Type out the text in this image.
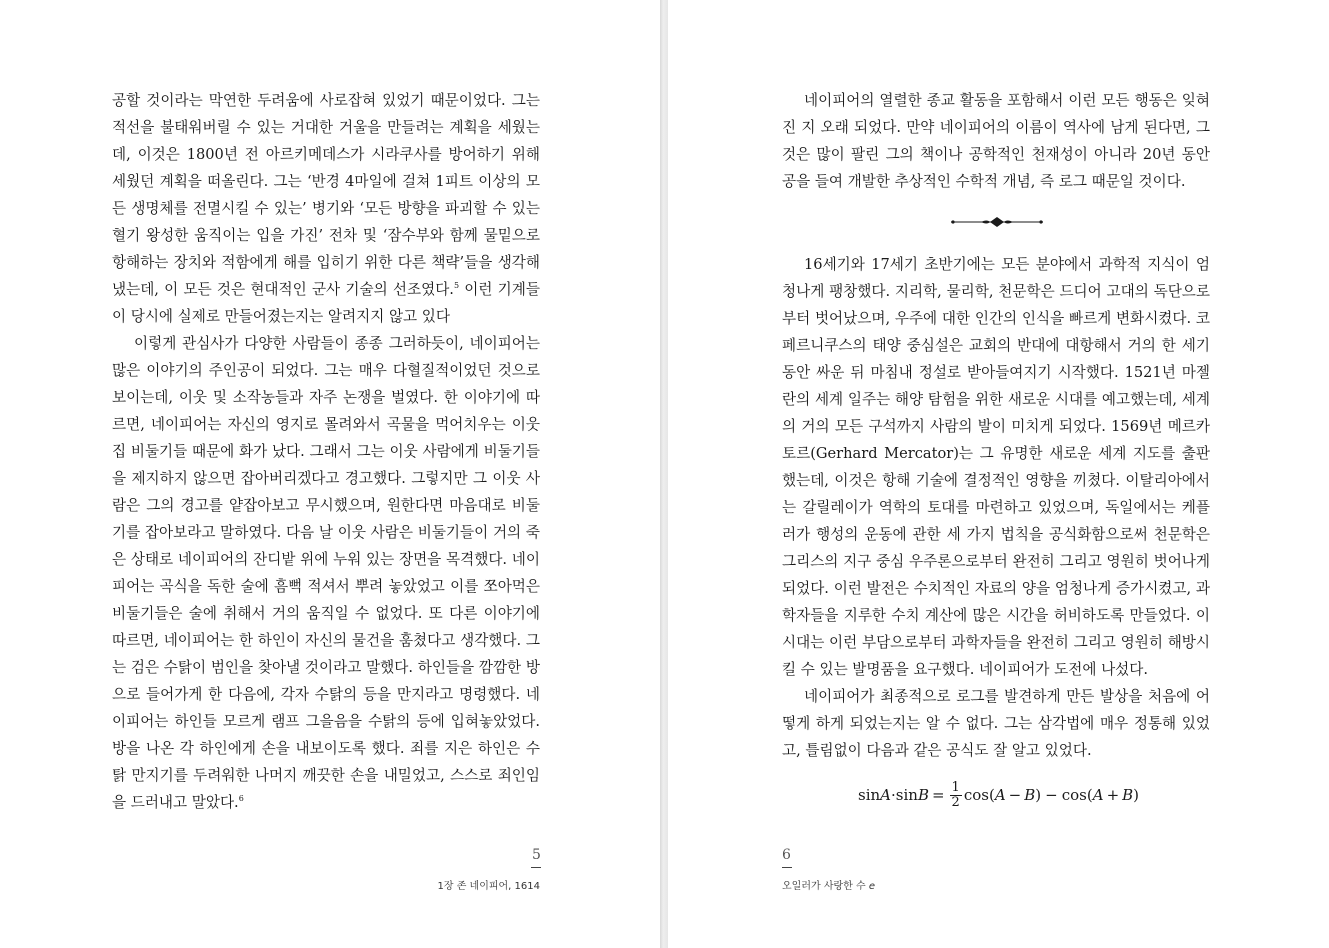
공할 것이라는 막연한 두려움에 사로잡혀 있었기 때문이었다. 그는 적선을 불태워버릴 수 있는 거대한 거울을 만들려는 계획을 세웠는데, 이것은 1800년 전 아르키메데스가 시라쿠사를 방어하기 위해 세웠던 계획을 떠올린다. 그는 ‘반경 4마일에 걸쳐 1피트 이상의 모든 생명체를 전멸시킬 수 있는’ 병기와 ‘모든 방향을 파괴할 수 있는 혈기 왕성한 움직이는 입을 가진’ 전차 및 ‘잠수부와 함께 물밑으로 항해하는 장치와 적함에게 해를 입히기 위한 다른 책략’들을 생각해냈는데, 이 모든 것은 현대적인 군사 기술의 선조였다.$^5$ 이런 기계들이 당시에 실제로 만들어졌는지는 알려지지 않고 있다

이렇게 관심사가 다양한 사람들이 종종 그러하듯이, 네이피어는 많은 이야기의 주인공이 되었다. 그는 매우 다혈질적이었던 것으로 보이는데, 이웃 및 소작농들과 자주 논쟁을 벌였다. 한 이야기에 따르면, 네이피어는 자신의 영지로 몰려와서 곡물을 먹어치우는 이웃집 비둘기들 때문에 화가 났다. 그래서 그는 이웃 사람에게 비둘기들을 제지하지 않으면 잡아버리겠다고 경고했다. 그렇지만 그 이웃 사람은 그의 경고를 얕잡아보고 무시했으며, 원한다면 마음대로 비둘기를 잡아보라고 말하였다. 다음 날 이웃 사람은 비둘기들이 거의 죽은 상태로 네이피어의 잔디밭 위에 누워 있는 장면을 목격했다. 네이피어는 곡식을 독한 술에 흠뻑 적셔서 뿌려 놓았었고 이를 쪼아먹은 비둘기들은 술에 취해서 거의 움직일 수 없었다. 또 다른 이야기에 따르면, 네이피어는 한 하인이 자신의 물건을 훔쳤다고 생각했다. 그는 검은 수탉이 범인을 찾아낼 것이라고 말했다. 하인들을 깜깜한 방으로 들어가게 한 다음에, 각자 수탉의 등을 만지라고 명령했다. 네이피어는 하인들 모르게 램프 그을음을 수탉의 등에 입혀놓았었다. 방을 나온 각 하인에게 손을 내보이도록 했다. 죄를 지은 하인은 수탉 만지기를 두려워한 나머지 깨끗한 손을 내밀었고, 스스로 죄인임을 드러내고 말았다.$^6$

5
1장 존 네이피어, 1614

네이피어의 열렬한 종교 활동을 포함해서 이런 모든 행동은 잊혀진 지 오래 되었다. 만약 네이피어의 이름이 역사에 남게 된다면, 그것은 많이 팔린 그의 책이나 공학적인 천재성이 아니라 20년 동안 공을 들여 개발한 추상적인 수학적 개념, 즉 로그 때문일 것이다.

16세기와 17세기 초반기에는 모든 분야에서 과학적 지식이 엄청나게 팽창했다. 지리학, 물리학, 천문학은 드디어 고대의 독단으로부터 벗어났으며, 우주에 대한 인간의 인식을 빠르게 변화시켰다. 코페르니쿠스의 태양 중심설은 교회의 반대에 대항해서 거의 한 세기 동안 싸운 뒤 마침내 정설로 받아들여지기 시작했다. 1521년 마젤란의 세계 일주는 해양 탐험을 위한 새로운 시대를 예고했는데, 세계의 거의 모든 구석까지 사람의 발이 미치게 되었다. 1569년 메르카토르(Gerhard Mercator)는 그 유명한 새로운 세계 지도를 출판했는데, 이것은 항해 기술에 결정적인 영향을 끼쳤다. 이탈리아에서는 갈릴레이가 역학의 토대를 마련하고 있었으며, 독일에서는 케플러가 행성의 운동에 관한 세 가지 법칙을 공식화함으로써 천문학은 그리스의 지구 중심 우주론으로부터 완전히 그리고 영원히 벗어나게 되었다. 이런 발전은 수치적인 자료의 양을 엄청나게 증가시켰고, 과학자들을 지루한 수치 계산에 많은 시간을 허비하도록 만들었다. 이 시대는 이런 부담으로부터 과학자들을 완전히 그리고 영원히 해방시킬 수 있는 발명품을 요구했다. 네이피어가 도전에 나섰다.

네이피어가 최종적으로 로그를 발견하게 만든 발상을 처음에 어떻게 하게 되었는지는 알 수 없다. 그는 삼각법에 매우 정통해 있었고, 틀림없이 다음과 같은 공식도 잘 알고 있었다.

$\sin A \cdot \sin B = \frac{1}{2}$ cos ( A − B ) − cos ( A + B )
6
오일러가 사랑한 수 e
